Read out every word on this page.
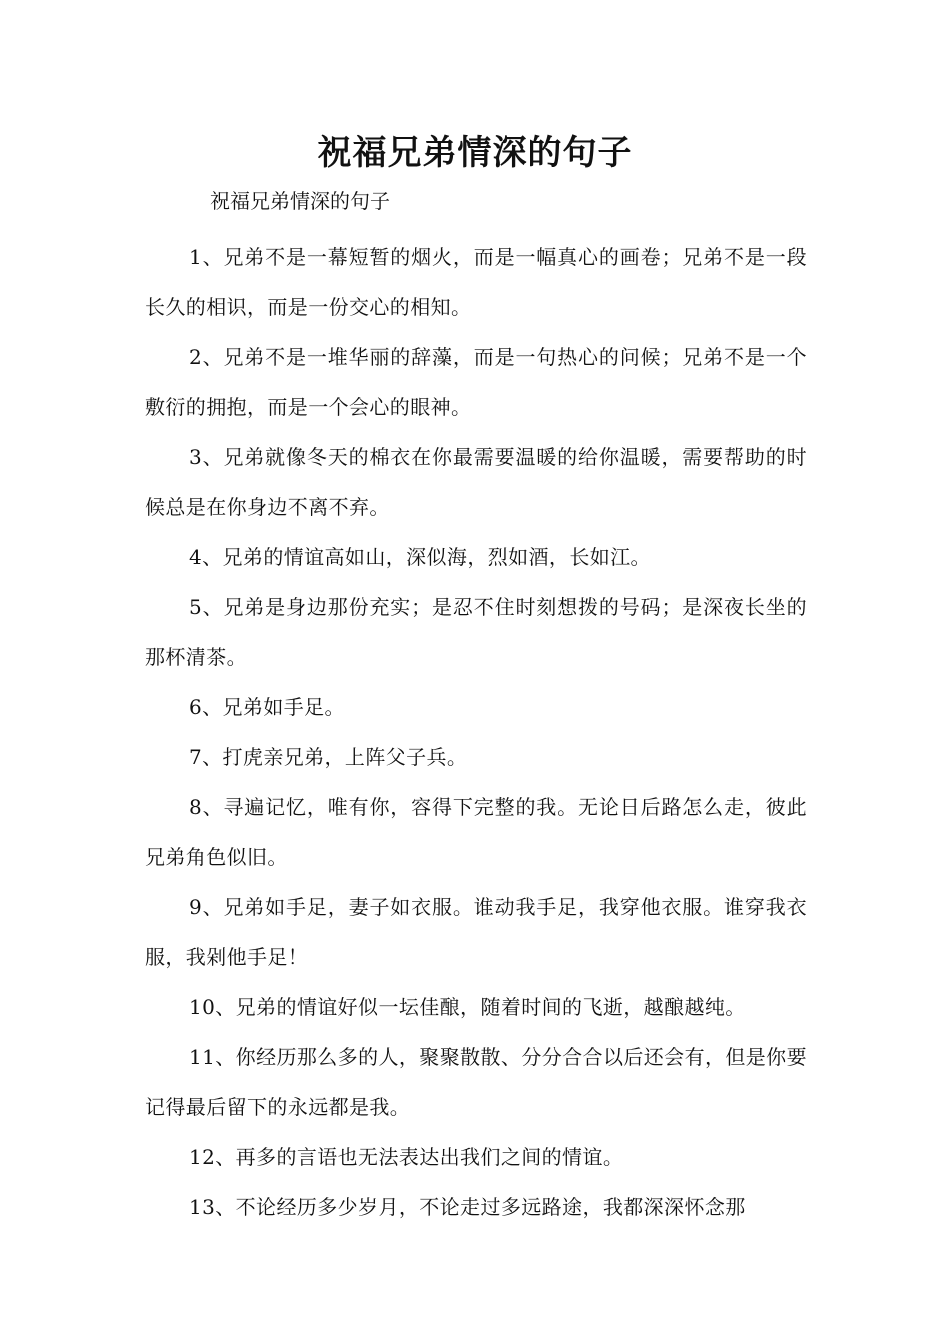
祝福兄弟情深的句子

祝福兄弟情深的句子

1、兄弟不是一幕短暂的烟火，而是一幅真心的画卷；兄弟不是一段长久的相识，而是一份交心的相知。

2、兄弟不是一堆华丽的辞藻，而是一句热心的问候；兄弟不是一个敷衍的拥抱，而是一个会心的眼神。

3、兄弟就像冬天的棉衣在你最需要温暖的给你温暖，需要帮助的时候总是在你身边不离不弃。

4、兄弟的情谊高如山，深似海，烈如酒，长如江。

5、兄弟是身边那份充实；是忍不住时刻想拨的号码；是深夜长坐的那杯清茶。

6、兄弟如手足。

7、打虎亲兄弟，上阵父子兵。

8、寻遍记忆，唯有你，容得下完整的我。无论日后路怎么走，彼此兄弟角色似旧。

9、兄弟如手足，妻子如衣服。谁动我手足，我穿他衣服。谁穿我衣服，我剁他手足！

10、兄弟的情谊好似一坛佳酿，随着时间的飞逝，越酿越纯。

11、你经历那么多的人，聚聚散散、分分合合以后还会有，但是你要记得最后留下的永远都是我。

12、再多的言语也无法表达出我们之间的情谊。

13、不论经历多少岁月，不论走过多远路途，我都深深怀念那
